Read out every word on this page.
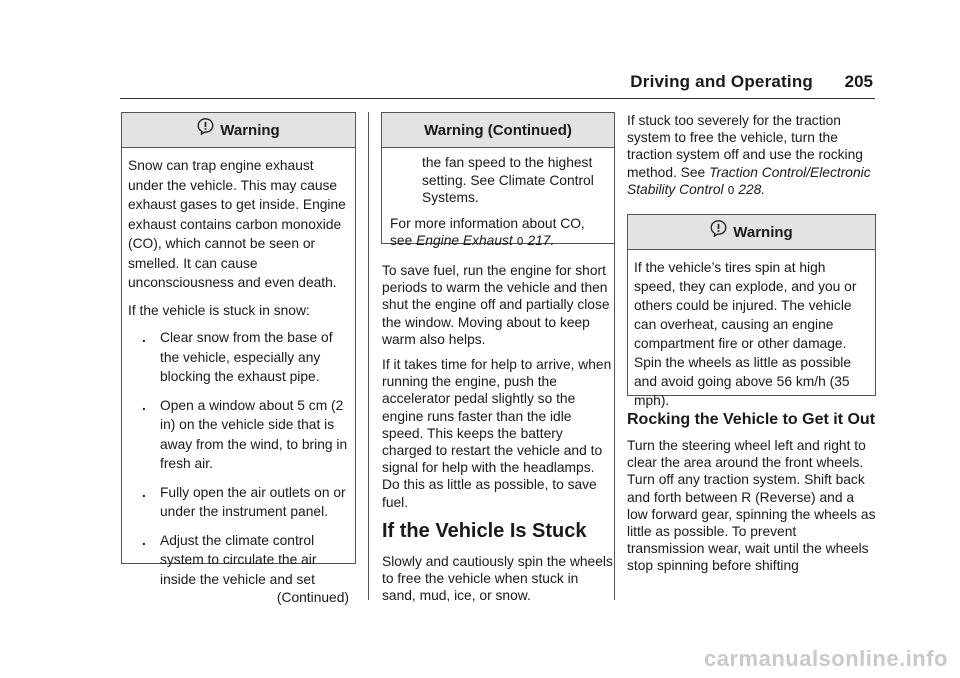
Driving and Operating 205
Warning

Snow can trap engine exhaust under the vehicle. This may cause exhaust gases to get inside. Engine exhaust contains carbon monoxide (CO), which cannot be seen or smelled. It can cause unconsciousness and even death.

If the vehicle is stuck in snow:

. Clear snow from the base of the vehicle, especially any blocking the exhaust pipe.
. Open a window about 5 cm (2 in) on the vehicle side that is away from the wind, to bring in fresh air.
. Fully open the air outlets on or under the instrument panel.
. Adjust the climate control system to circulate the air inside the vehicle and set
(Continued)
Warning (Continued)

the fan speed to the highest setting. See Climate Control Systems.

For more information about CO, see Engine Exhaust 0 217.

To save fuel, run the engine for short periods to warm the vehicle and then shut the engine off and partially close the window. Moving about to keep warm also helps.

If it takes time for help to arrive, when running the engine, push the accelerator pedal slightly so the engine runs faster than the idle speed. This keeps the battery charged to restart the vehicle and to signal for help with the headlamps. Do this as little as possible, to save fuel.

If the Vehicle Is Stuck

Slowly and cautiously spin the wheels to free the vehicle when stuck in sand, mud, ice, or snow.

If stuck too severely for the traction system to free the vehicle, turn the traction system off and use the rocking method. See Traction Control/Electronic Stability Control 0 228.

Warning

If the vehicle’s tires spin at high speed, they can explode, and you or others could be injured. The vehicle can overheat, causing an engine compartment fire or other damage. Spin the wheels as little as possible and avoid going above 56 km/h (35 mph).

Rocking the Vehicle to Get it Out

Turn the steering wheel left and right to clear the area around the front wheels. Turn off any traction system. Shift back and forth between R (Reverse) and a low forward gear, spinning the wheels as little as possible. To prevent transmission wear, wait until the wheels stop spinning before shifting

carmanualsonline.info
